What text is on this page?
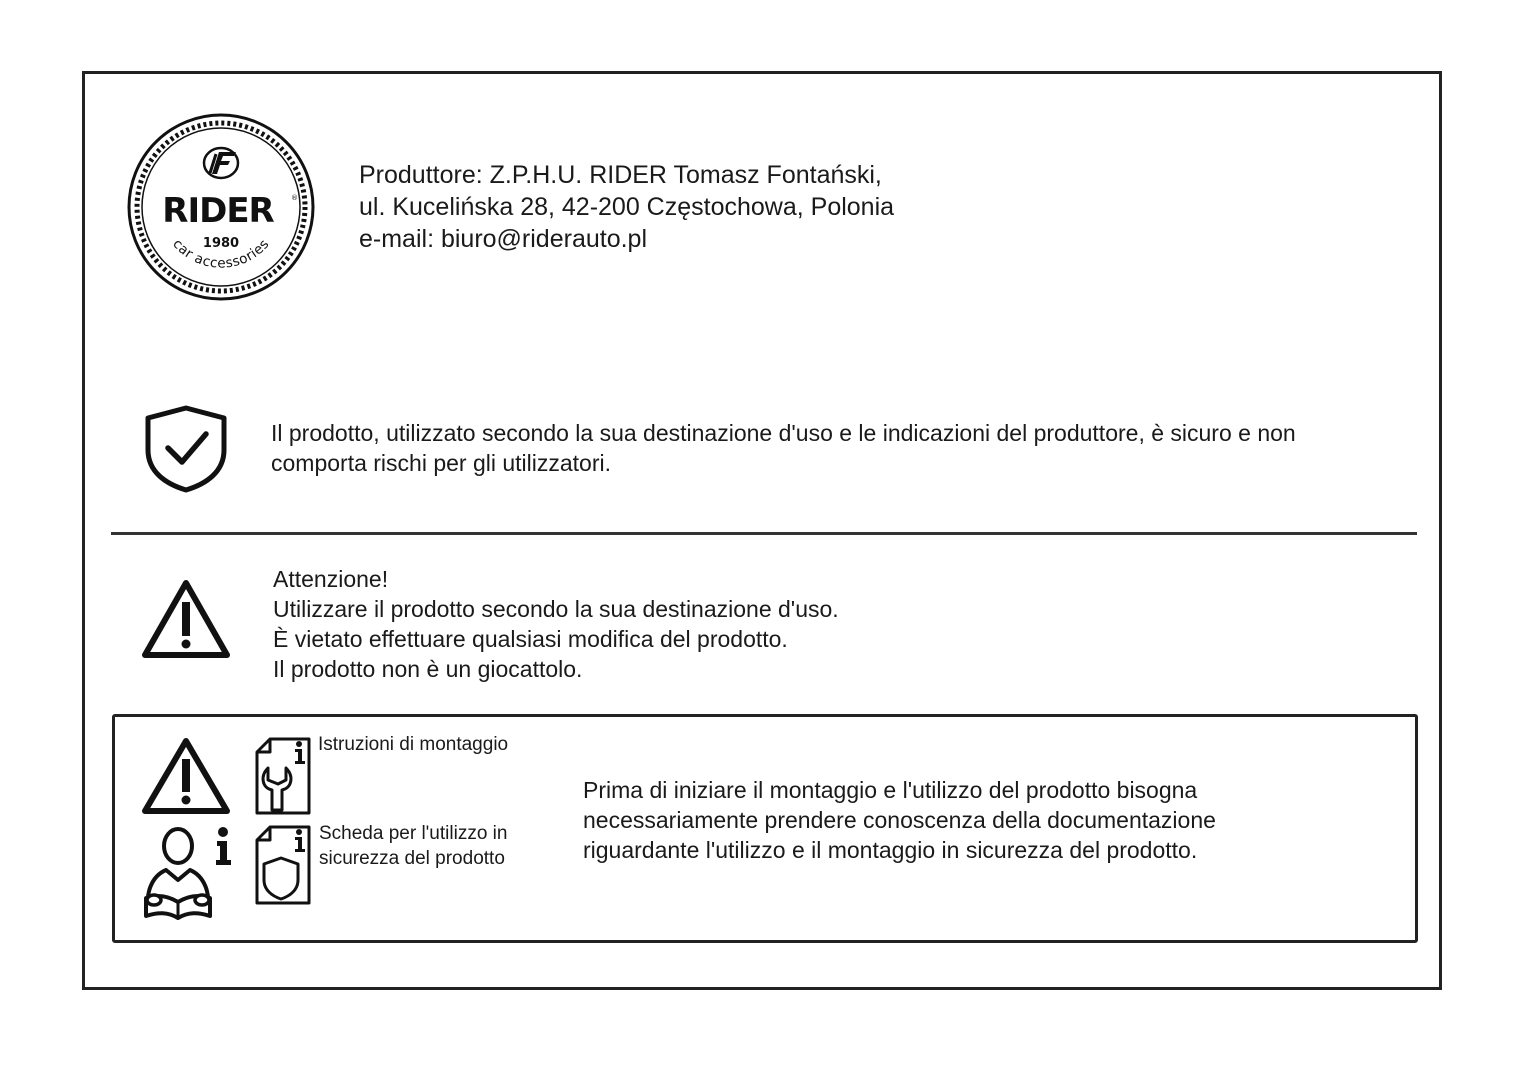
RIDER ®
1980
car accessories
Produttore: Z.P.H.U. RIDER Tomasz Fontański,
ul. Kucelińska 28, 42-200 Częstochowa, Polonia
e-mail: biuro@riderauto.pl
Il prodotto, utilizzato secondo la sua destinazione d'uso e le indicazioni del produttore, è sicuro e non comporta rischi per gli utilizzatori.
Attenzione!
Utilizzare il prodotto secondo la sua destinazione d'uso.
È vietato effettuare qualsiasi modifica del prodotto.
Il prodotto non è un giocattolo.
Istruzioni di montaggio
Scheda per l'utilizzo in
sicurezza del prodotto
Prima di iniziare il montaggio e l'utilizzo del prodotto bisogna
necessariamente prendere conoscenza della documentazione
riguardante l'utilizzo e il montaggio in sicurezza del prodotto.
